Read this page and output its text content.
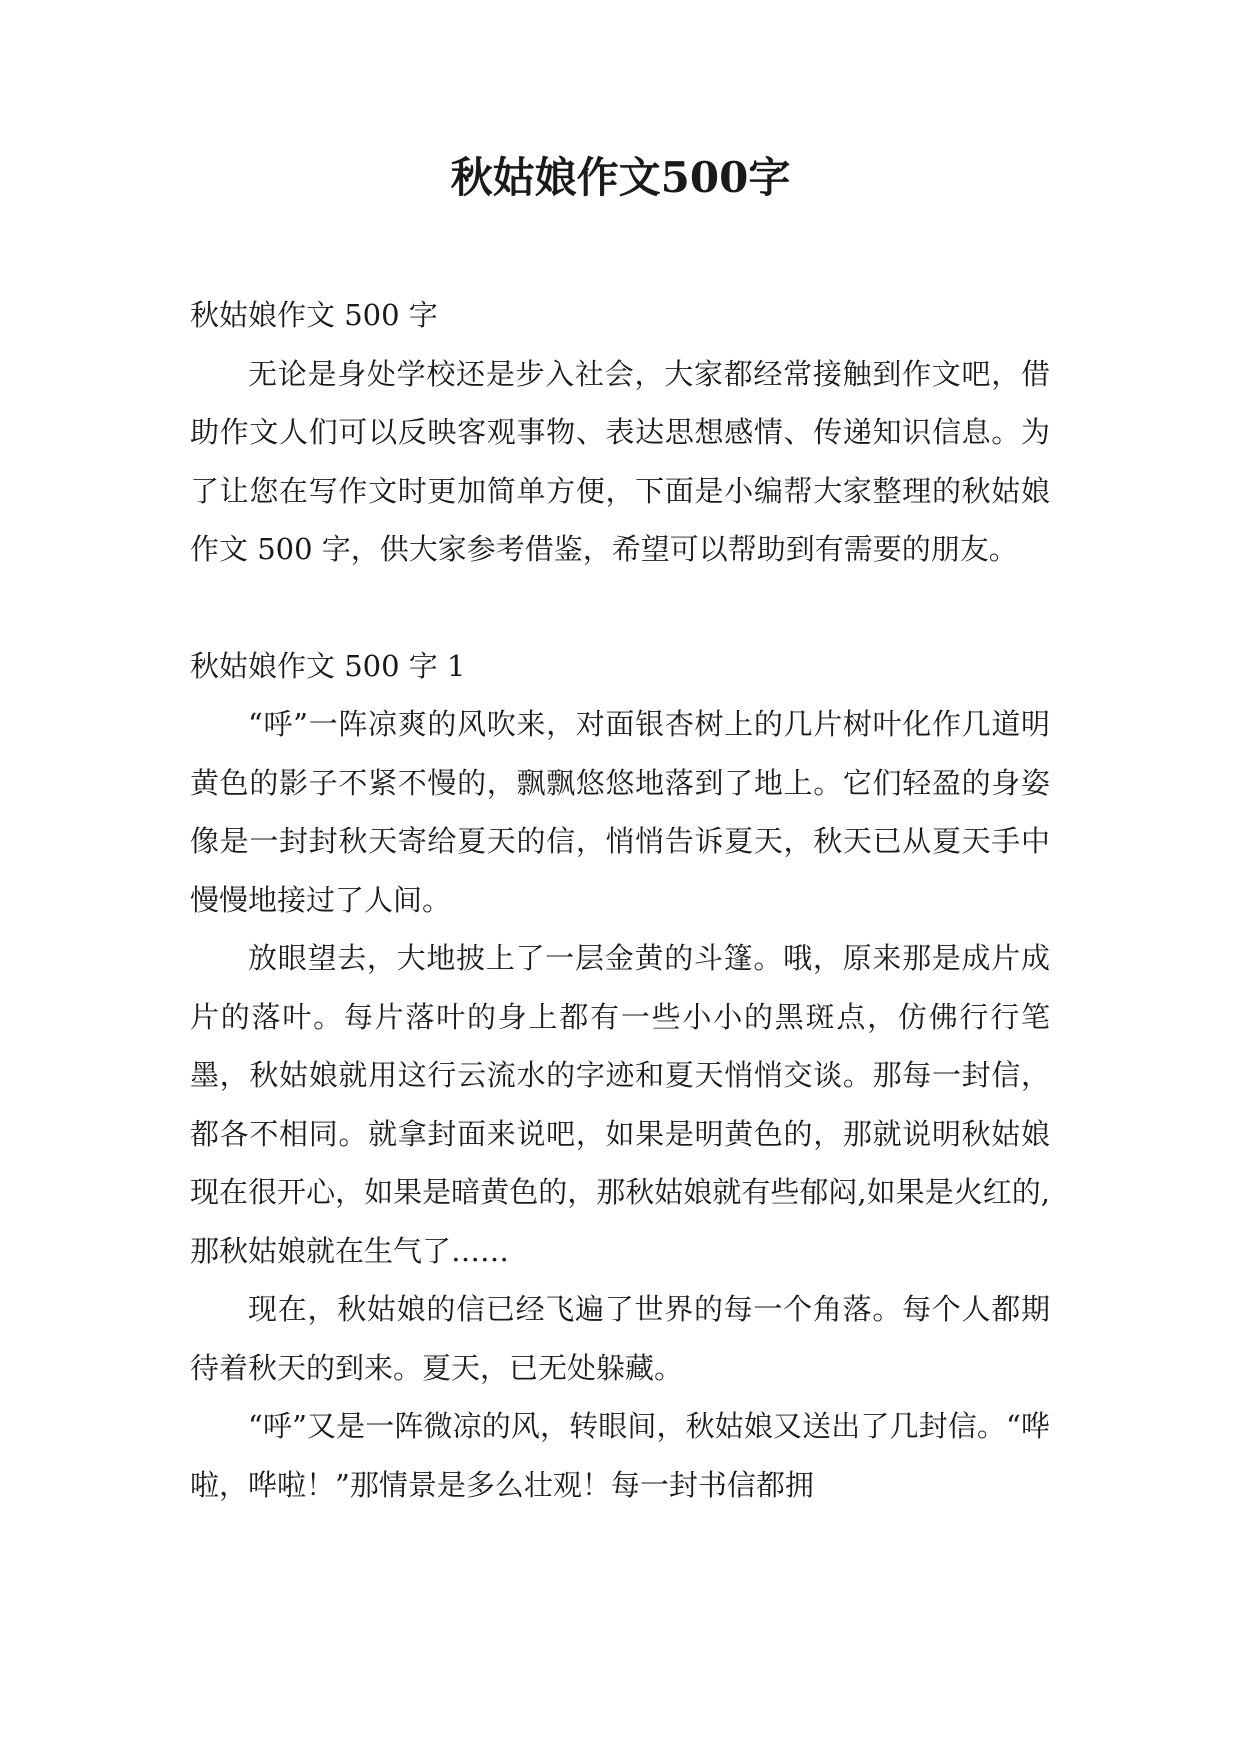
秋姑娘作文500字

秋姑娘作文 500 字

无论是身处学校还是步入社会，大家都经常接触到作文吧，借助作文人们可以反映客观事物、表达思想感情、传递知识信息。为了让您在写作文时更加简单方便，下面是小编帮大家整理的秋姑娘作文 500 字，供大家参考借鉴，希望可以帮助到有需要的朋友。

秋姑娘作文 500 字 1

“呼”一阵凉爽的风吹来，对面银杏树上的几片树叶化作几道明黄色的影子不紧不慢的，飘飘悠悠地落到了地上。它们轻盈的身姿像是一封封秋天寄给夏天的信，悄悄告诉夏天，秋天已从夏天手中慢慢地接过了人间。

放眼望去，大地披上了一层金黄的斗篷。哦，原来那是成片成片的落叶。每片落叶的身上都有一些小小的黑斑点，仿佛行行笔墨，秋姑娘就用这行云流水的字迹和夏天悄悄交谈。那每一封信，都各不相同。就拿封面来说吧，如果是明黄色的，那就说明秋姑娘现在很开心，如果是暗黄色的，那秋姑娘就有些郁闷,如果是火红的,那秋姑娘就在生气了……

现在，秋姑娘的信已经飞遍了世界的每一个角落。每个人都期待着秋天的到来。夏天，已无处躲藏。

“呼”又是一阵微凉的风，转眼间，秋姑娘又送出了几封信。“哗啦，哗啦！”那情景是多么壮观！每一封书信都拥
